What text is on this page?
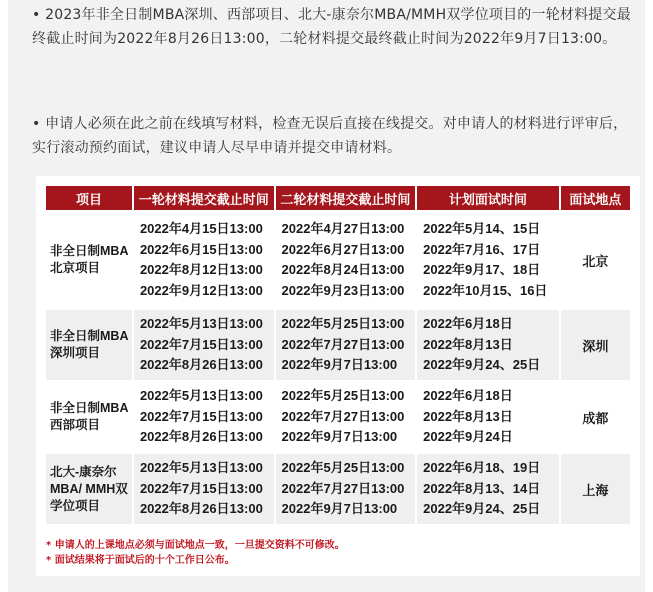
• 2023年非全日制MBA深圳、西部项目、北大-康奈尔MBA/MMH双学位项目的一轮材料提交最终截止时间为2022年8月26日13:00，二轮材料提交最终截止时间为2022年9月7日13:00。
• 申请人必须在此之前在线填写材料，检查无误后直接在线提交。对申请人的材料进行评审后，实行滚动预约面试，建议申请人尽早申请并提交申请材料。
项目	一轮材料提交截止时间	二轮材料提交截止时间	计划面试时间	面试地点
非全日制MBA北京项目	2022年4月15日13:00
2022年6月15日13:00
2022年8月12日13:00
2022年9月12日13:00	2022年4月27日13:00
2022年6月27日13:00
2022年8月24日13:00
2022年9月23日13:00	2022年5月14、15日
2022年7月16、17日
2022年9月17、18日
2022年10月15、16日	北京
非全日制MBA深圳项目	2022年5月13日13:00
2022年7月15日13:00
2022年8月26日13:00	2022年5月25日13:00
2022年7月27日13:00
2022年9月7日13:00	2022年6月18日
2022年8月13日
2022年9月24、25日	深圳
非全日制MBA西部项目	2022年5月13日13:00
2022年7月15日13:00
2022年8月26日13:00	2022年5月25日13:00
2022年7月27日13:00
2022年9月7日13:00	2022年6月18日
2022年8月13日
2022年9月24日	成都
北大-康奈尔MBA/ MMH双学位项目	2022年5月13日13:00
2022年7月15日13:00
2022年8月26日13:00	2022年5月25日13:00
2022年7月27日13:00
2022年9月7日13:00	2022年6月18、19日
2022年8月13、14日
2022年9月24、25日	上海
* 申请人的上课地点必须与面试地点一致，一旦提交资料不可修改。
* 面试结果将于面试后的十个工作日公布。
